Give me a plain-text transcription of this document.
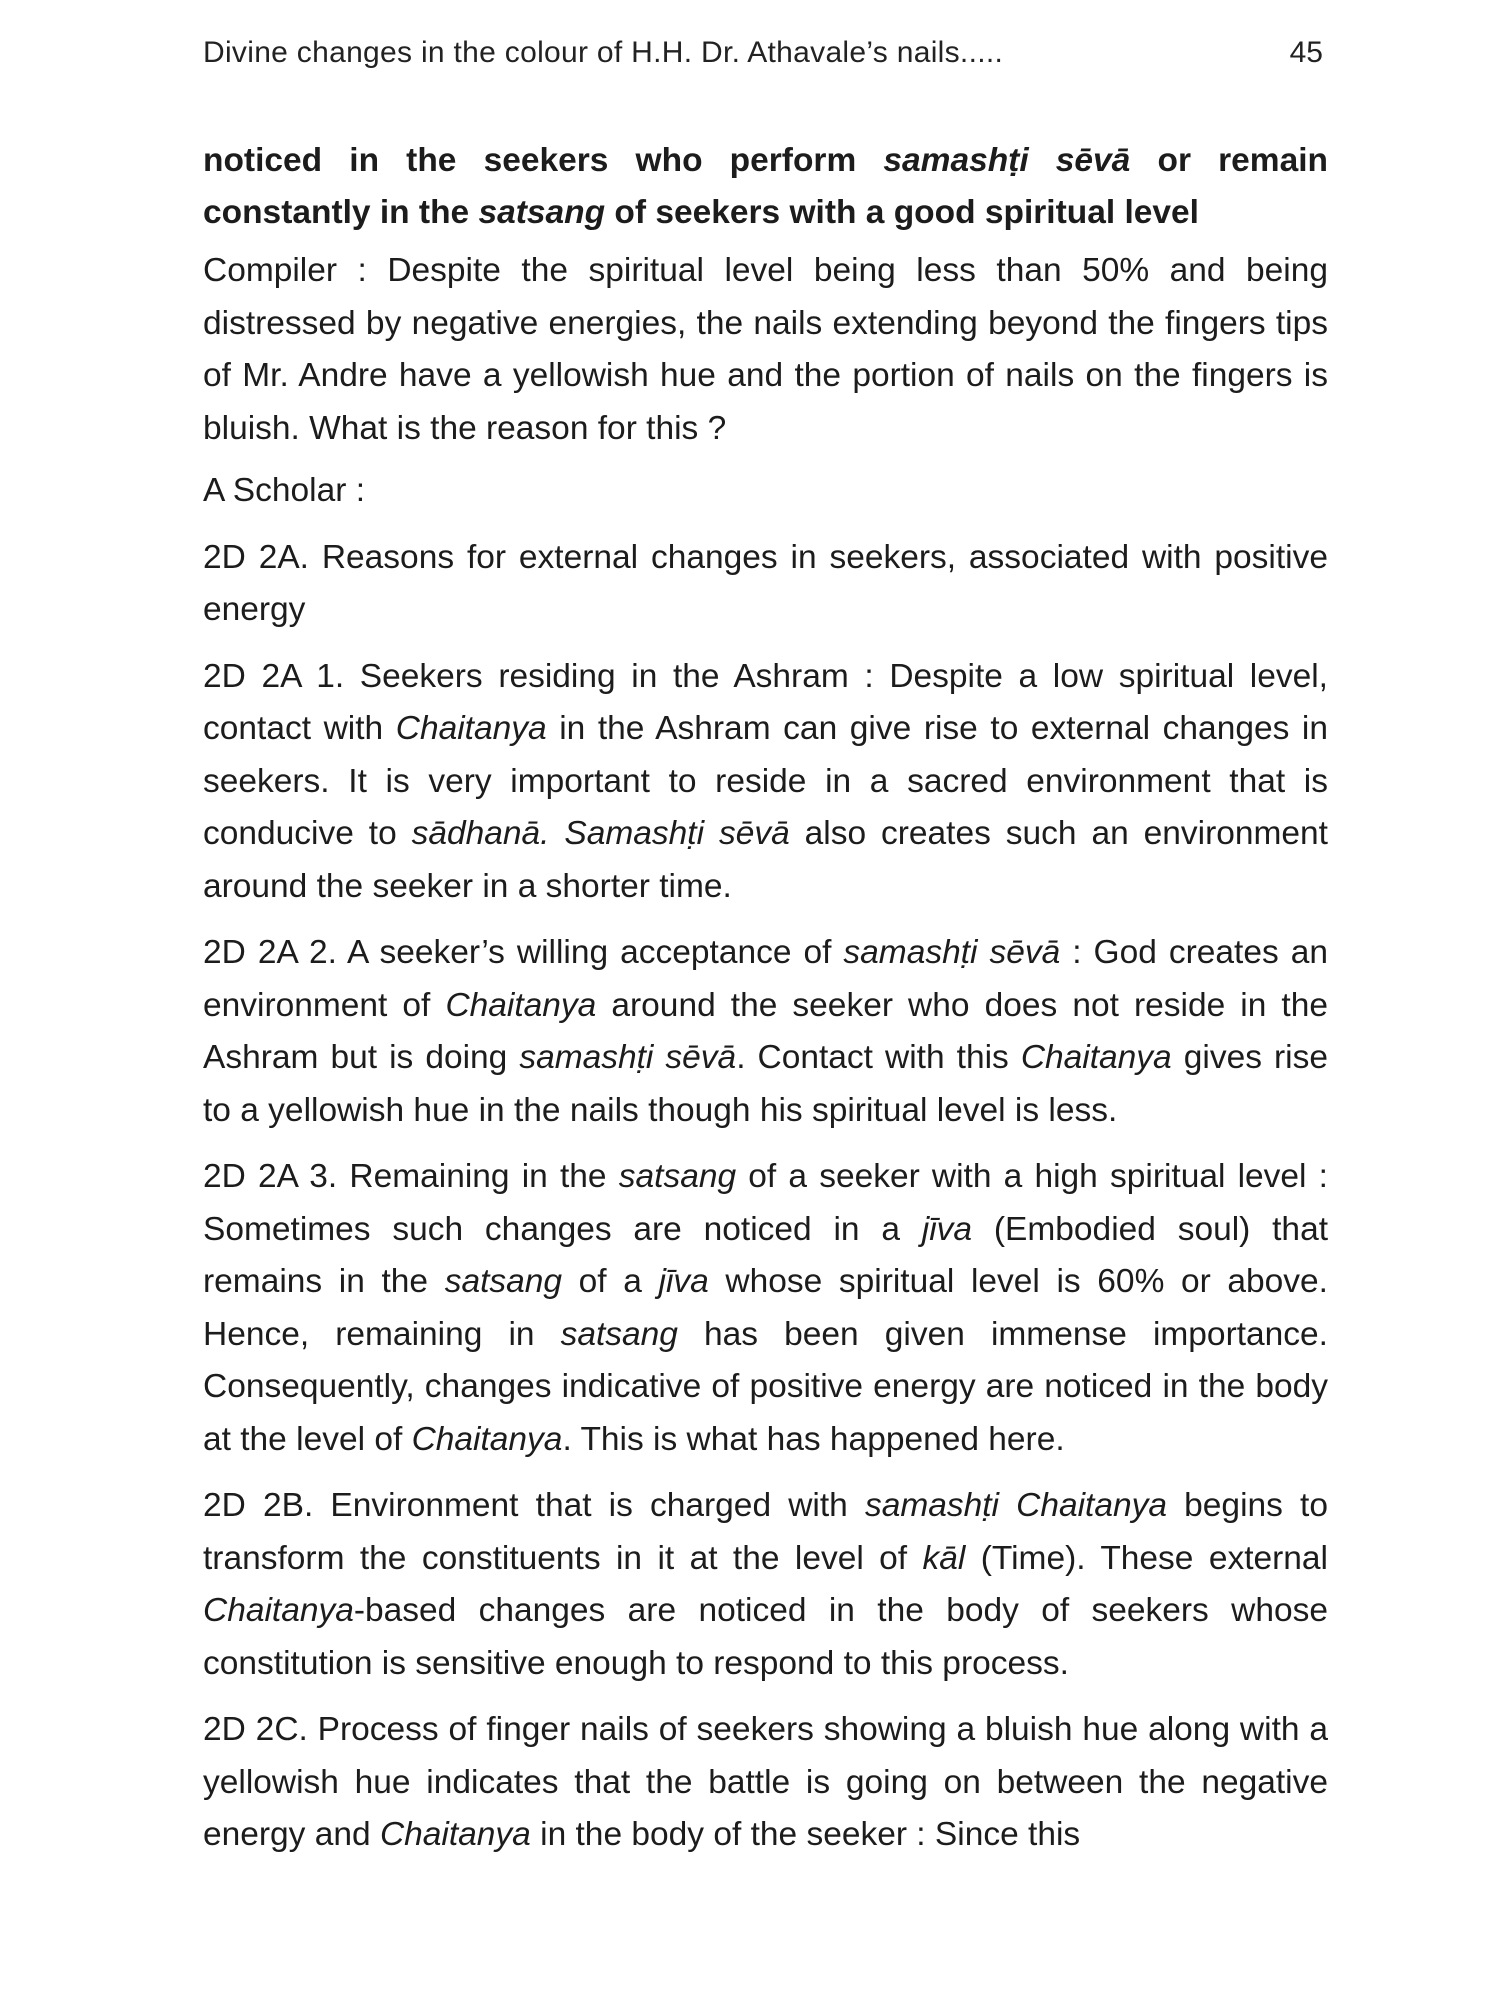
Divine changes in the colour of H.H. Dr. Athavale’s nails.....	45

noticed in the seekers who perform samashṭi sēvā or remain constantly in the satsang of seekers with a good spiritual level

Compiler : Despite the spiritual level being less than 50% and being distressed by negative energies, the nails extending beyond the fingers tips of Mr. Andre have a yellowish hue and the portion of nails on the fingers is bluish. What is the reason for this ?

A Scholar :

2D 2A. Reasons for external changes in seekers, associated with positive energy

2D 2A 1. Seekers residing in the Ashram : Despite a low spiritual level, contact with Chaitanya in the Ashram can give rise to external changes in seekers. It is very important to reside in a sacred environment that is conducive to sādhanā. Samashṭi sēvā also creates such an environment around the seeker in a shorter time.

2D 2A 2. A seeker’s willing acceptance of samashṭi sēvā : God creates an environment of Chaitanya around the seeker who does not reside in the Ashram but is doing samashṭi sēvā. Contact with this Chaitanya gives rise to a yellowish hue in the nails though his spiritual level is less.

2D 2A 3. Remaining in the satsang of a seeker with a high spiritual level : Sometimes such changes are noticed in a jīva (Embodied soul) that remains in the satsang of a jīva whose spiritual level is 60% or above. Hence, remaining in satsang has been given immense importance. Consequently, changes indicative of positive energy are noticed in the body at the level of Chaitanya. This is what has happened here.

2D 2B. Environment that is charged with samashṭi Chaitanya begins to transform the constituents in it at the level of kāl (Time). These external Chaitanya-based changes are noticed in the body of seekers whose constitution is sensitive enough to respond to this process.

2D 2C. Process of finger nails of seekers showing a bluish hue along with a yellowish hue indicates that the battle is going on between the negative energy and Chaitanya in the body of the seeker : Since this
